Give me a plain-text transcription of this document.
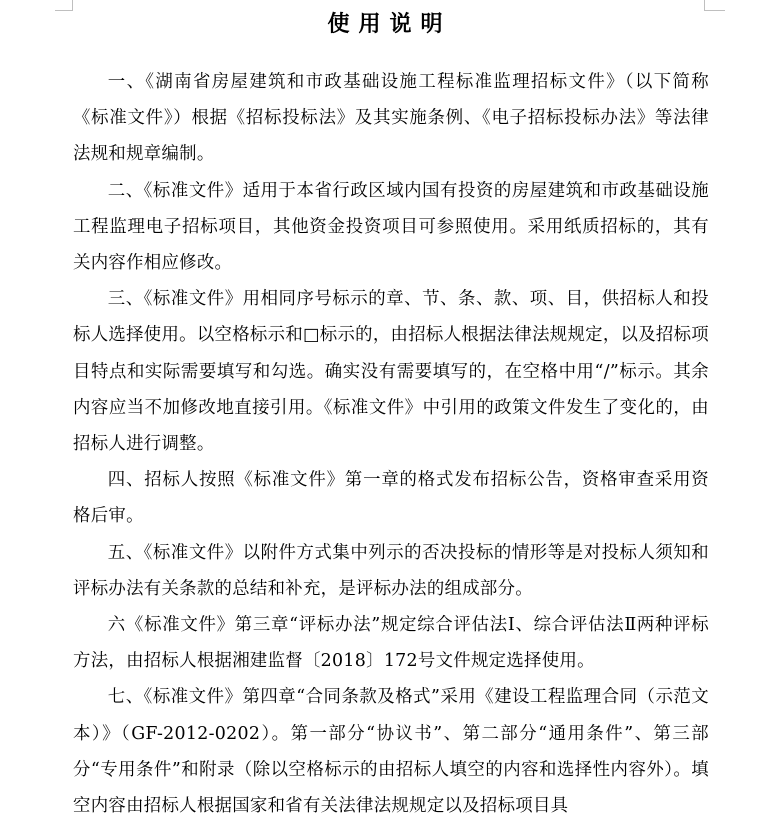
使用说明

一、《湖南省房屋建筑和市政基础设施工程标准监理招标文件》（以下简称《标准文件》）根据《招标投标法》及其实施条例、《电子招标投标办法》等法律法规和规章编制。

二、《标准文件》适用于本省行政区域内国有投资的房屋建筑和市政基础设施工程监理电子招标项目，其他资金投资项目可参照使用。采用纸质招标的，其有关内容作相应修改。

三、《标准文件》用相同序号标示的章、节、条、款、项、目，供招标人和投标人选择使用。以空格标示和□标示的，由招标人根据法律法规规定，以及招标项目特点和实际需要填写和勾选。确实没有需要填写的，在空格中用“/”标示。其余内容应当不加修改地直接引用。《标准文件》中引用的政策文件发生了变化的，由招标人进行调整。

四、招标人按照《标准文件》第一章的格式发布招标公告，资格审查采用资格后审。

五、《标准文件》以附件方式集中列示的否决投标的情形等是对投标人须知和评标办法有关条款的总结和补充，是评标办法的组成部分。

六《标准文件》第三章“评标办法”规定综合评估法Ⅰ、综合评估法Ⅱ两种评标方法，由招标人根据湘建监督〔2018〕172号文件规定选择使用。

七、《标准文件》第四章“合同条款及格式”采用《建设工程监理合同（示范文本）》（GF-2012-0202）。第一部分“协议书”、第二部分“通用条件”、第三部分“专用条件”和附录（除以空格标示的由招标人填空的内容和选择性内容外）。填空内容由招标人根据国家和省有关法律法规规定以及招标项目具
